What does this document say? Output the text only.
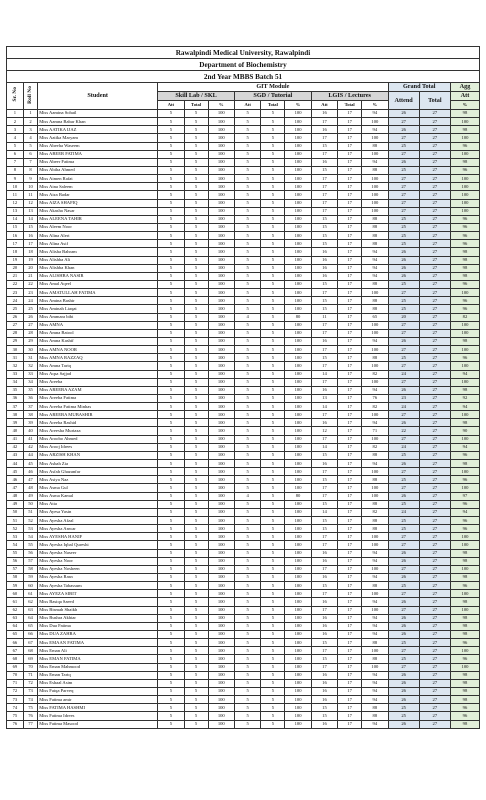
Rawalpindi Medical University, Rawalpindi														
Department of Biochemistry														
2nd Year MBBS Batch 51														
Sr. No	Roll No	Student	GIT Module									Grand Total		Agg
			Skill Lab / SKL			SGD / Tutorial			LGIS / Lectures			Attend	Total	Att
			Att	Total	%	Att	Total	%	Att	Total	%			%
1	1	Miss Aamina Sohail	5	5	100	5	5	100	16	17	94	26	27	98
2	2	Miss Aamna Babar Khan	5	5	100	5	5	100	17	17	100	27	27	100
3	3	Miss AATIKA IJAZ	5	5	100	5	5	100	16	17	94	26	27	98
4	4	Miss Aatika Maryam	5	5	100	5	5	100	17	17	100	27	27	100
5	5	Miss Abeeha Waseem	5	5	100	5	5	100	15	17	88	25	27	96
6	6	Miss ABEER FATIMA	5	5	100	5	5	100	17	17	100	27	27	100
7	7	Miss Abeer Fatima	5	5	100	5	5	100	16	17	94	26	27	98
8	8	Miss Abiha Ahmed	5	5	100	5	5	100	15	17	88	25	27	96
9	9	Miss Aimen Rafat	5	5	100	5	5	100	17	17	100	27	27	100
10	10	Miss Aina Saleem	5	5	100	5	5	100	17	17	100	27	27	100
11	11	Miss Aiza Badar	5	5	100	5	5	100	17	17	100	27	27	100
12	12	Miss AIZA SHAFIQ	5	5	100	5	5	100	17	17	100	27	27	100
13	13	Miss Akasha Nasar	5	5	100	5	5	100	17	17	100	27	27	100
14	14	Miss ALEENA TAHIR	5	5	100	5	5	100	15	17	88	25	27	96
15	15	Miss Aleem Noor	5	5	100	5	5	100	15	17	88	25	27	96
16	16	Miss Alina Aleri	5	5	100	5	5	100	15	17	88	25	27	96
17	17	Miss Alina Asif	5	5	100	5	5	100	15	17	88	25	27	96
18	18	Miss Alisha Bahram	5	5	100	5	5	100	16	17	94	26	27	98
19	19	Miss Alishba Ali	5	5	100	5	5	100	16	17	94	26	27	98
20	20	Miss Alishba Khan	5	5	100	5	5	100	16	17	94	26	27	98
21	21	Miss ALISHBA NASIR	5	5	100	5	5	100	16	17	94	26	27	98
22	22	Miss Amal Aqeel	5	5	100	5	5	100	15	17	88	25	27	96
23	23	Miss AMATULLAH FATIMA	5	5	100	5	5	100	17	17	100	27	27	100
24	24	Miss Amina Bashir	5	5	100	5	5	100	15	17	88	25	27	96
25	25	Miss Aminah Liaqat	5	5	100	5	5	100	15	17	88	25	27	96
26	26	Miss Ammara bibi	5	5	100	4	5	80	11	17	65	20	27	82
27	27	Miss AMNA	5	5	100	5	5	100	17	17	100	27	27	100
28	28	Miss Amna Batool	5	5	100	5	5	100	17	17	100	27	27	100
29	29	Miss Amna Kashif	5	5	100	5	5	100	16	17	94	26	27	98
30	30	Miss AMNA NOOR	5	5	100	5	5	100	17	17	100	27	27	100
31	31	Miss AMNA RAZZAQ	5	5	100	5	5	100	15	17	88	25	27	96
32	32	Miss Amna Tariq	5	5	100	5	5	100	17	17	100	27	27	100
33	33	Miss Aqsa Sajjad	5	5	100	5	5	100	14	17	82	24	27	94
34	34	Miss Areeba	5	5	100	5	5	100	17	17	100	27	27	100
35	35	Miss AREEBA AZAM	5	5	100	5	5	100	16	17	94	26	27	98
36	36	Miss Areeba Fatima	5	5	100	5	5	100	13	17	76	23	27	92
37	37	Miss Areeba Fatima Minhas	5	5	100	5	5	100	14	17	82	24	27	94
38	38	Miss AREEBA MUBASHIR	5	5	100	5	5	100	17	17	100	27	27	100
39	39	Miss Areeba Rashid	5	5	100	5	5	100	16	17	94	26	27	98
40	40	Miss Areesha Murtaza	5	5	100	5	5	100	12	17	71	22	27	90
41	41	Miss Aroobo Ahmed	5	5	100	5	5	100	17	17	100	27	27	100
42	42	Miss Arooj Idrees	5	5	100	5	5	100	14	17	82	24	27	94
43	44	Miss ARZISH KHAN	5	5	100	5	5	100	15	17	88	25	27	96
44	45	Miss Asbah Zia	5	5	100	5	5	100	16	17	94	26	27	98
45	46	Miss Asfah Ghazanfar	5	5	100	5	5	100	17	17	100	27	27	100
46	47	Miss Asiya Naz	5	5	100	5	5	100	15	17	88	25	27	96
47	48	Miss Asma Gul	5	5	100	5	5	100	17	17	100	27	27	100
48	49	Miss Asma Kamal	5	5	100	4	5	80	17	17	100	26	27	97
49	50	Miss Atta	5	5	100	5	5	100	15	17	88	25	27	96
50	51	Miss Ayesa Yasin	5	5	100	5	5	100	14	17	82	24	27	94
51	52	Miss Ayesha Afzal	5	5	100	5	5	100	15	17	88	25	27	96
52	53	Miss Ayesha Anwar	5	5	100	5	5	100	15	17	88	25	27	96
53	54	Miss AYESHA HANIF	5	5	100	5	5	100	17	17	100	27	27	100
54	55	Miss Ayesha Iqbal Qureshi	5	5	100	5	5	100	17	17	100	27	27	100
55	56	Miss Ayesha Naseer	5	5	100	5	5	100	16	17	94	26	27	98
56	57	Miss Ayesha Noor	5	5	100	5	5	100	16	17	94	26	27	98
57	58	Miss Ayesha Nosheen	5	5	100	5	5	100	17	17	100	27	27	100
58	59	Miss Ayesha Rasn	5	5	100	5	5	100	16	17	94	26	27	98
59	60	Miss Ayesha Tabassum	5	5	100	5	5	100	15	17	88	25	27	96
60	61	Miss AYEZA SIBIT	5	5	100	5	5	100	17	17	100	27	27	100
61	62	Miss Basiqa Saeed	5	5	100	5	5	100	16	17	94	26	27	98
62	63	Miss Bismah Shaikh	5	5	100	5	5	100	17	17	100	27	27	100
63	64	Miss Bushra Akhtar	5	5	100	5	5	100	16	17	94	26	27	98
64	65	Miss Dua Fatima	5	5	100	5	5	100	16	17	94	26	27	98
65	66	Miss DUA ZAHRA	5	5	100	5	5	100	16	17	94	26	27	98
66	67	Miss EMAAN FATIMA	5	5	100	5	5	100	15	17	88	25	27	96
67	68	Miss Eman Ali	5	5	100	5	5	100	17	17	100	27	27	100
68	69	Miss EMAN FATIMA	5	5	100	5	5	100	15	17	88	25	27	96
69	70	Miss Eman Mahmood	5	5	100	5	5	100	17	17	100	27	27	100
70	71	Miss Eman Tariq	5	5	100	5	5	100	16	17	94	26	27	98
71	72	Miss Eshaal Asim	5	5	100	5	5	100	16	17	94	26	27	98
72	73	Miss Faiqa Parveq	5	5	100	5	5	100	16	17	94	26	27	98
73	74	Miss Fatima amir	5	5	100	5	5	100	16	17	94	26	27	98
74	75	Miss FATIMA HASHMI	5	5	100	5	5	100	15	17	88	25	27	96
75	76	Miss Fatima Idrees	5	5	100	5	5	100	15	17	88	25	27	96
76	77	Miss Fatima Masood	5	5	100	5	5	100	16	17	94	26	27	98
